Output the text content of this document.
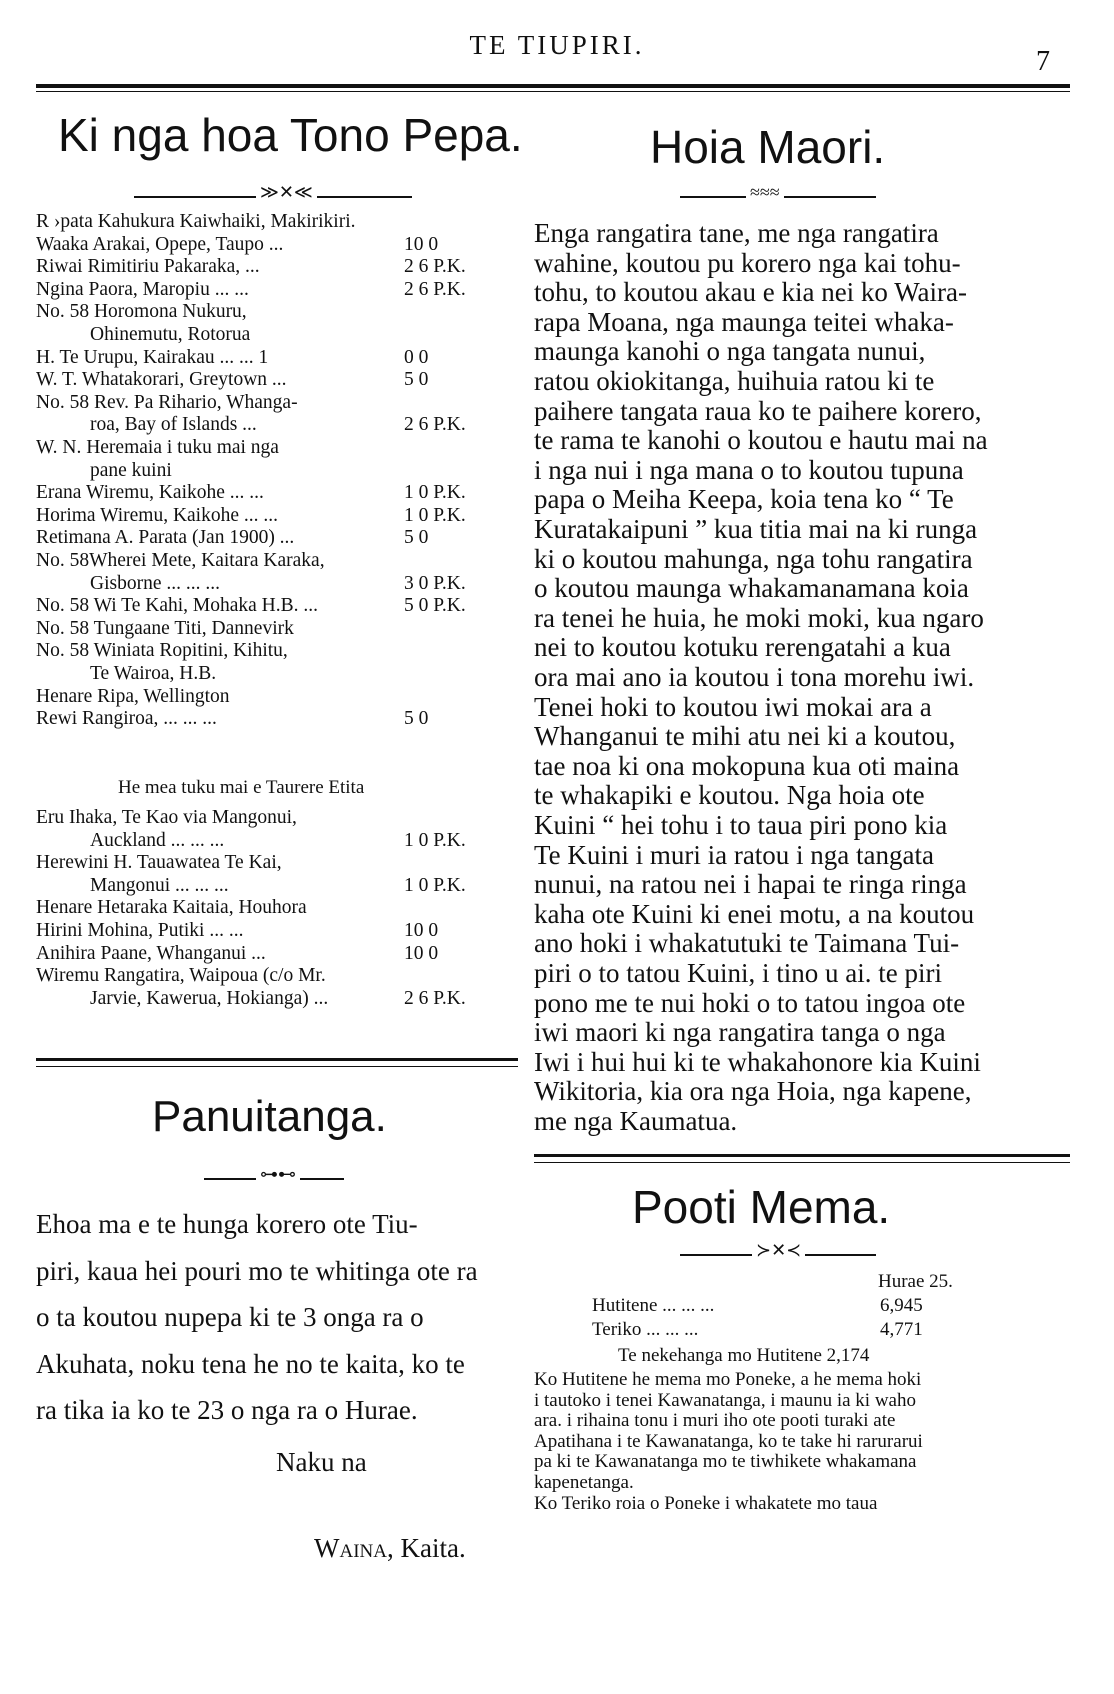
TE TIUPIRI.
7
Ki nga hoa Tono Pepa.
≫✕≪
R ›pata Kahukura Kaiwhaiki, Makirikiri.
Waaka Arakai, Opepe, Taupo ...	10 0
Riwai Rimitiriu Pakaraka, ...	2 6 P.K.
Ngina Paora, Maropiu ... ...	2 6 P.K.
No. 58 Horomona Nukuru,
Ohinemutu, Rotorua
H. Te Urupu, Kairakau ... ... 1	0 0
W. T. Whatakorari, Greytown ...	5 0
No. 58 Rev. Pa Rihario, Whanga-
roa, Bay of Islands ...	2 6 P.K.
W. N. Heremaia i tuku mai nga
pane kuini
Erana Wiremu, Kaikohe ... ...	1 0 P.K.
Horima Wiremu, Kaikohe ... ...	1 0 P.K.
Retimana A. Parata (Jan 1900) ...	5 0
No. 58Wherei Mete, Kaitara Karaka,
Gisborne ... ... ...	3 0 P.K.
No. 58 Wi Te Kahi, Mohaka H.B. ...	5 0 P.K.
No. 58 Tungaane Titi, Dannevirk
No. 58 Winiata Ropitini, Kihitu,
Te Wairoa, H.B.
Henare Ripa, Wellington
Rewi Rangiroa, ... ... ...	5 0
He mea tuku mai e Taurere Etita
Eru Ihaka, Te Kao via Mangonui,
Auckland ... ... ...	1 0 P.K.
Herewini H. Tauawatea Te Kai,
Mangonui ... ... ...	1 0 P.K.
Henare Hetaraka Kaitaia, Houhora
Hirini Mohina, Putiki ... ...	10 0
Anihira Paane, Whanganui ...	10 0
Wiremu Rangatira, Waipoua (c/o Mr.
Jarvie, Kawerua, Hokianga) ...	2 6 P.K.
Panuitanga.
⊶⊷
Ehoa ma e te hunga korero ote Tiu-
piri, kaua hei pouri mo te whitinga ote ra
o ta koutou nupepa ki te 3 onga ra o
Akuhata, noku tena he no te kaita, ko te
ra tika ia ko te 23 o nga ra o Hurae.
Naku na
Waina, Kaita.
Hoia Maori.
≈≈≈
Enga rangatira tane, me nga rangatira
wahine, koutou pu korero nga kai tohu-
tohu, to koutou akau e kia nei ko Waira-
rapa Moana, nga maunga teitei whaka-
maunga kanohi o nga tangata nunui,
ratou okiokitanga, huihuia ratou ki te
paihere tangata raua ko te paihere korero,
te rama te kanohi o koutou e hautu mai na
i nga nui i nga mana o to koutou tupuna
papa o Meiha Keepa, koia tena ko “ Te
Kuratakaipuni ” kua titia mai na ki runga
ki o koutou mahunga, nga tohu rangatira
o koutou maunga whakamanamana koia
ra tenei he huia, he moki moki, kua ngaro
nei to koutou kotuku rerengatahi a kua
ora mai ano ia koutou i tona morehu iwi.
Tenei hoki to koutou iwi mokai ara a
Whanganui te mihi atu nei ki a koutou,
tae noa ki ona mokopuna kua oti maina
te whakapiki e koutou. Nga hoia ote
Kuini “ hei tohu i to taua piri pono kia
Te Kuini i muri ia ratou i nga tangata
nunui, na ratou nei i hapai te ringa ringa
kaha ote Kuini ki enei motu, a na koutou
ano hoki i whakatutuki te Taimana Tui-
piri o to tatou Kuini, i tino u ai. te piri
pono me te nui hoki o to tatou ingoa ote
iwi maori ki nga rangatira tanga o nga
Iwi i hui hui ki te whakahonore kia Kuini
Wikitoria, kia ora nga Hoia, nga kapene,
me nga Kaumatua.
Pooti Mema.
≻✕≺
Hurae 25.
Hutitene ... ... ...	6,945
Teriko ... ... ...	4,771
Te nekehanga mo Hutitene 2,174
Ko Hutitene he mema mo Poneke, a he mema hoki
i tautoko i tenei Kawanatanga, i maunu ia ki waho
ara. i rihaina tonu i muri iho ote pooti turaki ate
Apatihana i te Kawanatanga, ko te take hi rarurarui
pa ki te Kawanatanga mo te tiwhikete whakamana
kapenetanga.
Ko Teriko roia o Poneke i whakatete mo taua
